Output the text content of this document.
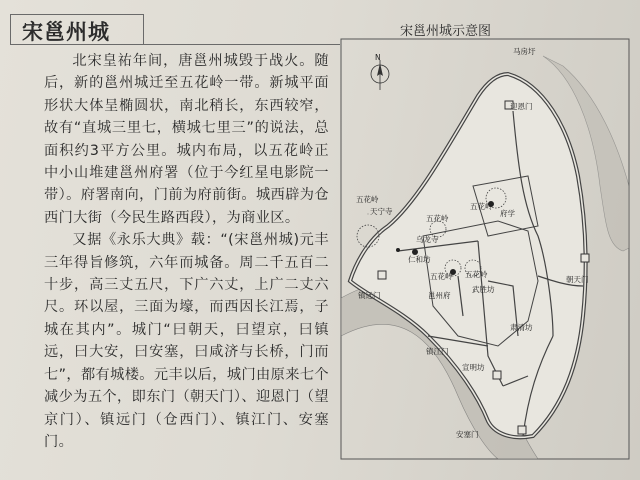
宋邕州城

北宋皇祐年间，唐邕州城毁于战火。随后，新的邕州城迁至五花岭一带。新城平面形状大体呈椭圆状，南北稍长，东西较窄，故有“直城三里七，横城七里三”的说法，总面积约3平方公里。城内布局，以五花岭正中小山堆建邕州府署（位于今红星电影院一带）。府署南向，门前为府前街。城西辟为仓西门大街（今民生路西段），为商业区。

又据《永乐大典》载：“(宋邕州城)元丰三年得旨修筑，六年而城备。周二千五百二十步，高三丈五尺，下广六丈，上广二丈六尺。环以屋，三面为壕，而西因长江焉，子城在其内”。城门“曰朝天，曰望京，曰镇远，曰大安，曰安塞，曰咸济与长桥，门而七”，都有城楼。元丰以后，城门由原来七个减少为五个，即东门（朝天门）、迎恩门（望京门）、镇远门（仓西门）、镇江门、安塞门。

宋邕州城示意图
N
马房圩
迎恩门
五花岭
天宁寺
五花岭
五花岭
府学
乌龙寺
仁和坊
五花岭 五花岭
邕州府
武胜坊
镇远门
朝天门
肃清坊
镇江门
宣明坊
安塞门
